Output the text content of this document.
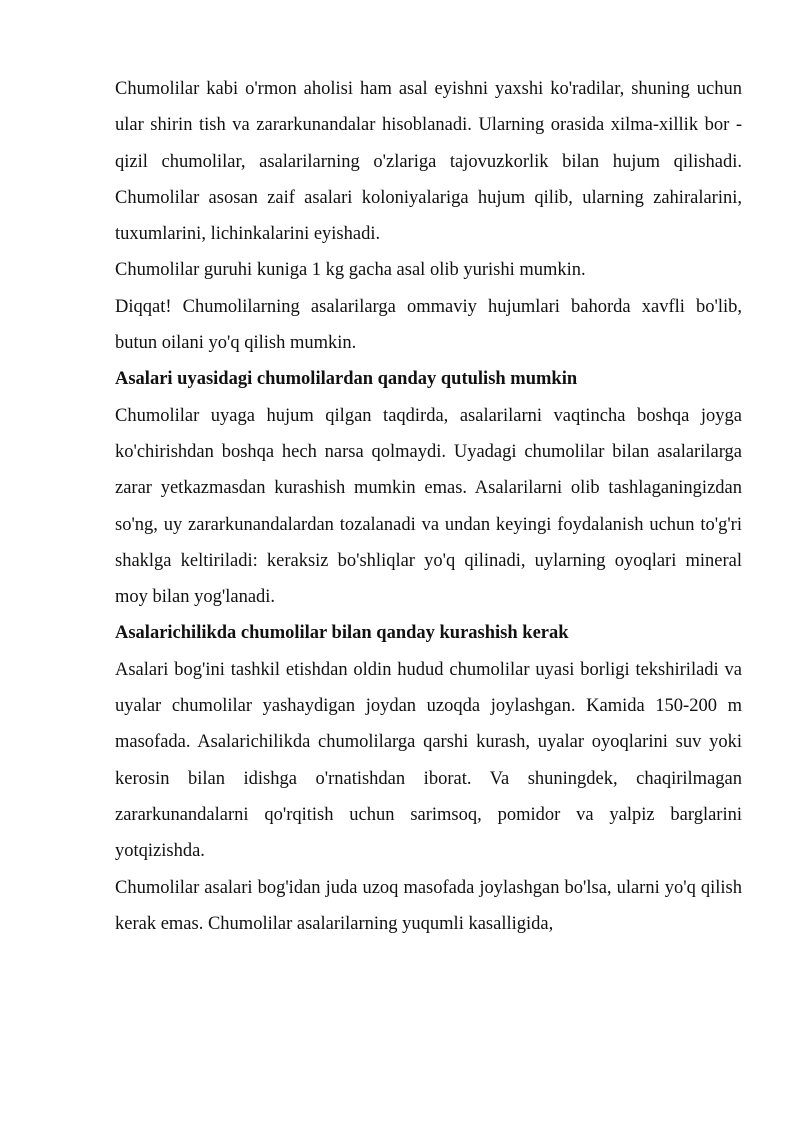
Chumolilar kabi o'rmon aholisi ham asal eyishni yaxshi ko'radilar, shuning uchun ular shirin tish va zararkunandalar hisoblanadi. Ularning orasida xilma-xillik bor - qizil chumolilar, asalarilarning o'zlariga tajovuzkorlik bilan hujum qilishadi. Chumolilar asosan zaif asalari koloniyalariga hujum qilib, ularning zahiralarini, tuxumlarini, lichinkalarini eyishadi.

Chumolilar guruhi kuniga 1 kg gacha asal olib yurishi mumkin.

Diqqat! Chumolilarning asalarilarga ommaviy hujumlari bahorda xavfli bo'lib, butun oilani yo'q qilish mumkin.

Asalari uyasidagi chumolilardan qanday qutulish mumkin

Chumolilar uyaga hujum qilgan taqdirda, asalarilarni vaqtincha boshqa joyga ko'chirishdan boshqa hech narsa qolmaydi. Uyadagi chumolilar bilan asalarilarga zarar yetkazmasdan kurashish mumkin emas. Asalarilarni olib tashlaganingizdan so'ng, uy zararkunandalardan tozalanadi va undan keyingi foydalanish uchun to'g'ri shaklga keltiriladi: keraksiz bo'shliqlar yo'q qilinadi, uylarning oyoqlari mineral moy bilan yog'lanadi.

Asalarichilikda chumolilar bilan qanday kurashish kerak

Asalari bog'ini tashkil etishdan oldin hudud chumolilar uyasi borligi tekshiriladi va uyalar chumolilar yashaydigan joydan uzoqda joylashgan. Kamida 150-200 m masofada. Asalarichilikda chumolilarga qarshi kurash, uyalar oyoqlarini suv yoki kerosin bilan idishga o'rnatishdan iborat. Va shuningdek, chaqirilmagan zararkunandalarni qo'rqitish uchun sarimsoq, pomidor va yalpiz barglarini yotqizishda.

Chumolilar asalari bog'idan juda uzoq masofada joylashgan bo'lsa, ularni yo'q qilish kerak emas. Chumolilar asalarilarning yuqumli kasalligida,
